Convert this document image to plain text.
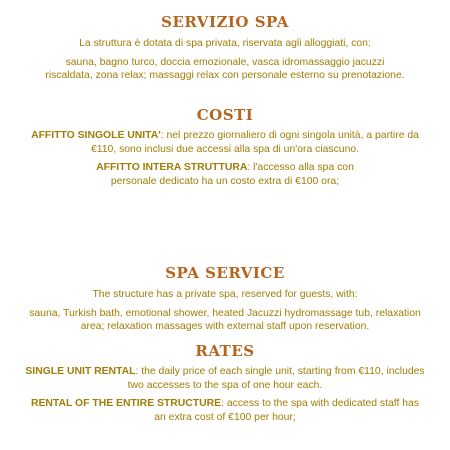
SERVIZIO SPA

La struttura è dotata di spa privata, riservata agli alloggiati, con:

sauna, bagno turco, doccia emozionale, vasca idromassaggio jacuzzi riscaldata, zona relax; massaggi relax con personale esterno su prenotazione.

COSTI

AFFITTO SINGOLE UNITA': nel prezzo giornaliero di ogni singola unità, a partire da €110, sono inclusi due accessi alla spa di un'ora ciascuno.

AFFITTO INTERA STRUTTURA: l'accesso alla spa con personale dedicato ha un costo extra di €100 ora;

SPA SERVICE

The structure has a private spa, reserved for guests, with:

sauna, Turkish bath, emotional shower, heated Jacuzzi hydromassage tub, relaxation area; relaxation massages with external staff upon reservation.

RATES

SINGLE UNIT RENTAL: the daily price of each single unit, starting from €110, includes two accesses to the spa of one hour each.

RENTAL OF THE ENTIRE STRUCTURE: access to the spa with dedicated staff has an extra cost of €100 per hour;
